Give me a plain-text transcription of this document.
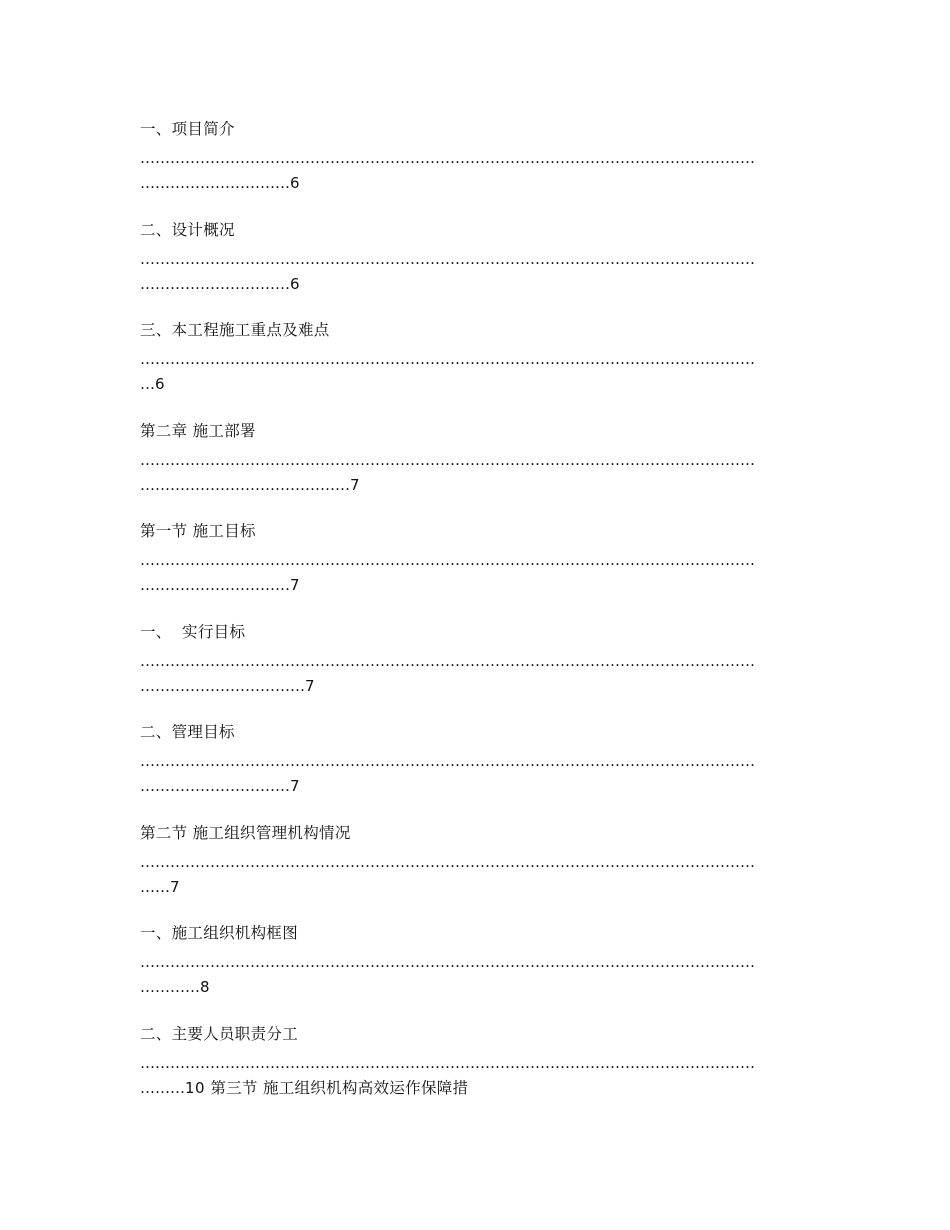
一、项目简介
……………………………………………………………………………………………………………
…………………………6
二、设计概况
……………………………………………………………………………………………………………
…………………………6
三、本工程施工重点及难点
……………………………………………………………………………………………………………
…6
第二章 施工部署
……………………………………………………………………………………………………………
……………………………………7
第一节 施工目标
……………………………………………………………………………………………………………
…………………………7
一、  实行目标
……………………………………………………………………………………………………………
……………………………7
二、管理目标
……………………………………………………………………………………………………………
…………………………7
第二节 施工组织管理机构情况
……………………………………………………………………………………………………………
……7
一、施工组织机构框图
……………………………………………………………………………………………………………
…………8
二、主要人员职责分工
……………………………………………………………………………………………………………
………10 第三节 施工组织机构高效运作保障措
